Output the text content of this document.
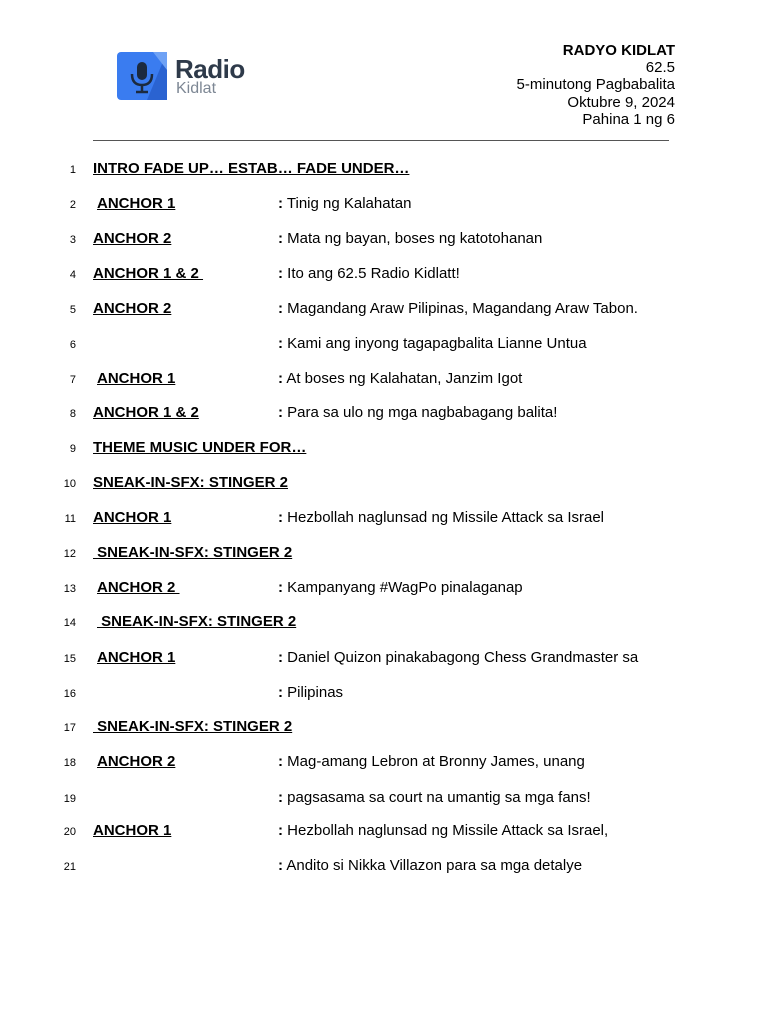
Radio
Kidlat
RADYO KIDLAT
62.5
5-minutong Pagbabalita
Oktubre 9, 2024
Pahina 1 ng 6
1 INTRO FADE UP… ESTAB… FADE UNDER…
2 ANCHOR 1	: Tinig ng Kalahatan
3 ANCHOR 2	: Mata ng bayan, boses ng katotohanan
4 ANCHOR 1 & 2	: Ito ang 62.5 Radio Kidlatt!
5 ANCHOR 2	: Magandang Araw Pilipinas, Magandang Araw Tabon.
6	: Kami ang inyong tagapagbalita Lianne Untua
7 ANCHOR 1	: At boses ng Kalahatan, Janzim Igot
8 ANCHOR 1 & 2	: Para sa ulo ng mga nagbabagang balita!
9 THEME MUSIC UNDER FOR…
10 SNEAK-IN-SFX: STINGER 2
11 ANCHOR 1	: Hezbollah naglunsad ng Missile Attack sa Israel
12 SNEAK-IN-SFX: STINGER 2
13 ANCHOR 2	: Kampanyang #WagPo pinalaganap
14 SNEAK-IN-SFX: STINGER 2
15 ANCHOR 1	: Daniel Quizon pinakabagong Chess Grandmaster sa
16	: Pilipinas
17 SNEAK-IN-SFX: STINGER 2
18 ANCHOR 2	: Mag-amang Lebron at Bronny James, unang
19	: pagsasama sa court na umantig sa mga fans!
20 ANCHOR 1	: Hezbollah naglunsad ng Missile Attack sa Israel,
21	: Andito si Nikka Villazon para sa mga detalye
